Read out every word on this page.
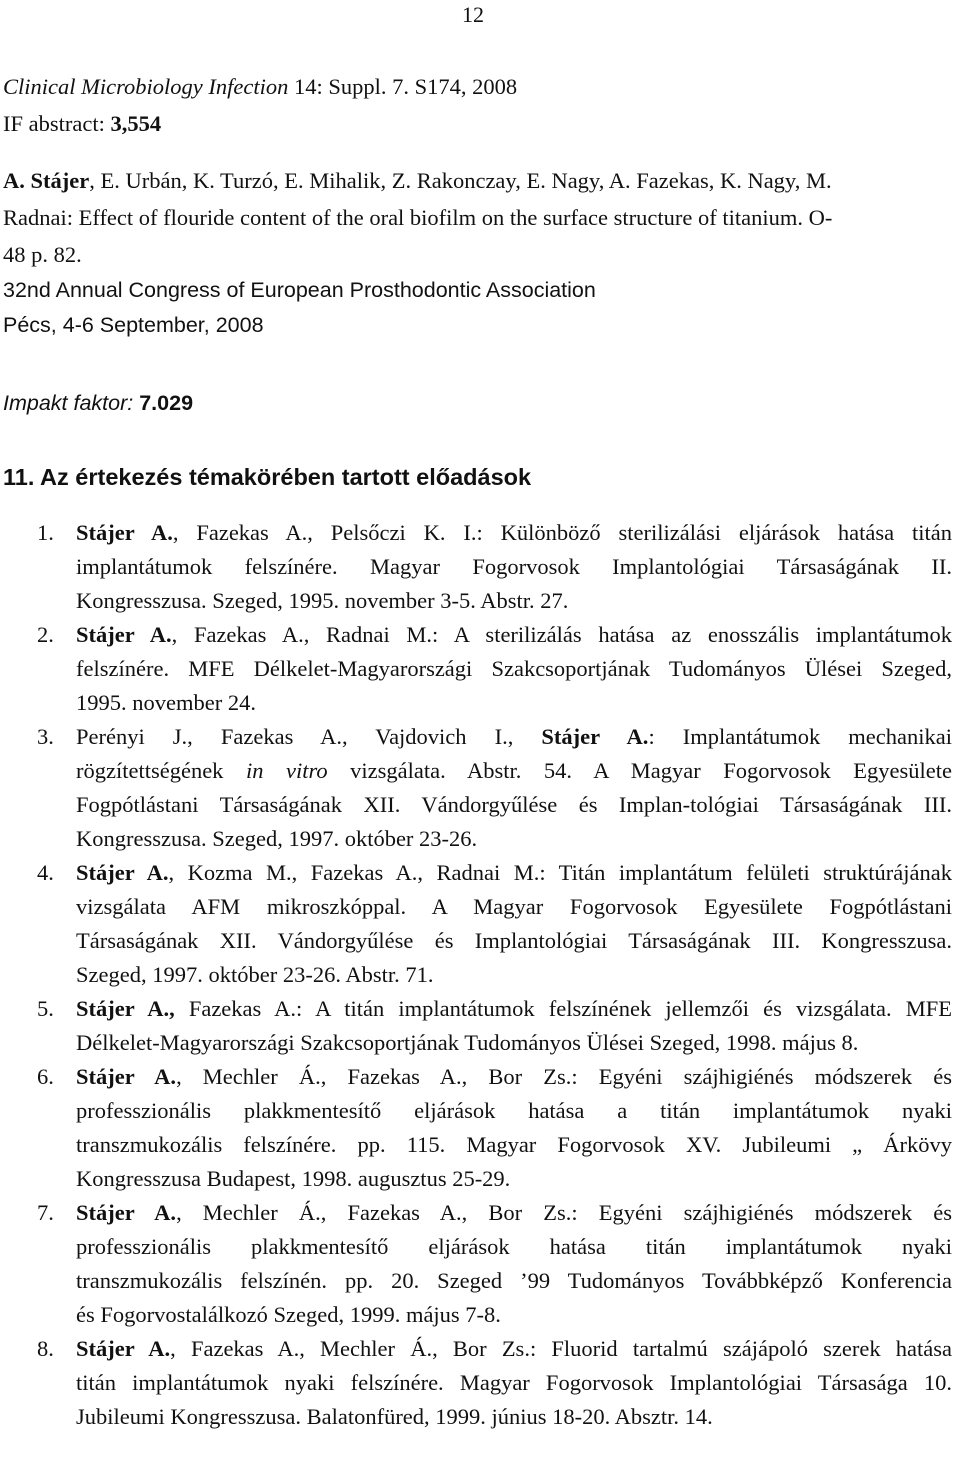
12
Clinical Microbiology Infection 14: Suppl. 7. S174, 2008
IF abstract: 3,554
A. Stájer, E. Urbán, K. Turzó, E. Mihalik, Z. Rakonczay, E. Nagy, A. Fazekas, K. Nagy, M.
Radnai: Effect of flouride content of the oral biofilm on the surface structure of titanium. O-
48 p. 82.
32nd Annual Congress of European Prosthodontic Association
Pécs, 4-6 September, 2008
Impakt faktor: 7.029
11. Az értekezés témakörében tartott előadások
1. Stájer A., Fazekas A., Pelsőczi K. I.: Különböző sterilizálási eljárások hatása titán
implantátumok felszínére. Magyar Fogorvosok Implantológiai Társaságának II.
Kongresszusa. Szeged, 1995. november 3-5. Abstr. 27.
2. Stájer A., Fazekas A., Radnai M.: A sterilizálás hatása az enosszális implantátumok
felszínére. MFE Délkelet-Magyarországi Szakcsoportjának Tudományos Ülései Szeged,
1995. november 24.
3. Perényi J., Fazekas A., Vajdovich I., Stájer A.: Implantátumok mechanikai
rögzítettségének in vitro vizsgálata. Abstr. 54. A Magyar Fogorvosok Egyesülete
Fogpótlástani Társaságának XII. Vándorgyűlése és Implan-tológiai Társaságának III.
Kongresszusa. Szeged, 1997. október 23-26.
4. Stájer A., Kozma M., Fazekas A., Radnai M.: Titán implantátum felületi struktúrájának
vizsgálata AFM mikroszkóppal. A Magyar Fogorvosok Egyesülete Fogpótlástani
Társaságának XII. Vándorgyűlése és Implantológiai Társaságának III. Kongresszusa.
Szeged, 1997. október 23-26. Abstr. 71.
5. Stájer A., Fazekas A.: A titán implantátumok felszínének jellemzői és vizsgálata. MFE
Délkelet-Magyarországi Szakcsoportjának Tudományos Ülései Szeged, 1998. május 8.
6. Stájer A., Mechler Á., Fazekas A., Bor Zs.: Egyéni szájhigiénés módszerek és
professzionális plakkmentesítő eljárások hatása a titán implantátumok nyaki
transzmukozális felszínére. pp. 115. Magyar Fogorvosok XV. Jubileumi „ Árkövy
Kongresszusa Budapest, 1998. augusztus 25-29.
7. Stájer A., Mechler Á., Fazekas A., Bor Zs.: Egyéni szájhigiénés módszerek és
professzionális plakkmentesítő eljárások hatása titán implantátumok nyaki
transzmukozális felszínén. pp. 20. Szeged ’99 Tudományos Továbbképző Konferencia
és Fogorvostalálkozó Szeged, 1999. május 7-8.
8. Stájer A., Fazekas A., Mechler Á., Bor Zs.: Fluorid tartalmú szájápoló szerek hatása
titán implantátumok nyaki felszínére. Magyar Fogorvosok Implantológiai Társasága 10.
Jubileumi Kongresszusa. Balatonfüred, 1999. június 18-20. Absztr. 14.
